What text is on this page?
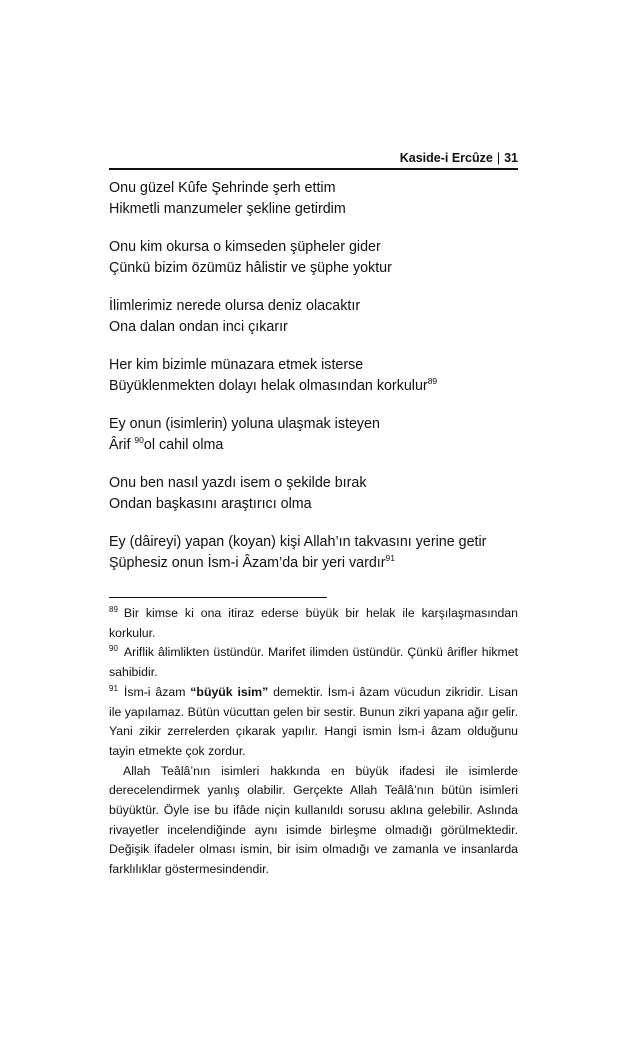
Kaside-i Ercûze | 31
Onu güzel Kûfe Şehrinde şerh ettim
Hikmetli manzumeler şekline getirdim
Onu kim okursa o kimseden şüpheler gider
Çünkü bizim özümüz hâlistir ve şüphe yoktur
İlimlerimiz nerede olursa deniz olacaktır
Ona dalan ondan inci çıkarır
Her kim bizimle münazara etmek isterse
Büyüklenmekten dolayı helak olmasından korkulur$^{89}$
Ey onun (isimlerin) yoluna ulaşmak isteyen
Ârif $^{90}$ol cahil olma
Onu ben nasıl yazdı isem o şekilde bırak
Ondan başkasını araştırıcı olma
Ey (dâireyi) yapan (koyan) kişi Allah’ın takvasını yerine getir
Şüphesiz onun İsm-i Âzam’da bir yeri vardır$^{91}$

$^{89}$ Bir kimse ki ona itiraz ederse büyük bir helak ile karşılaşmasından korkulur.

$^{90}$ Ariflik âlimlikten üstündür. Marifet ilimden üstündür. Çünkü ârifler hikmet sahibidir.

$^{91}$ İsm-i âzam “büyük isim” demektir. İsm-i âzam vücudun zikridir. Lisan ile yapılamaz. Bütün vücuttan gelen bir sestir. Bunun zikri yapana ağır gelir. Yani zikir zerrelerden çıkarak yapılır. Hangi ismin İsm-i âzam olduğunu tayin etmekte çok zordur.

Allah Teâlâ’nın isimleri hakkında en büyük ifadesi ile isimlerde derecelendirmek yanlış olabilir. Gerçekte Allah Teâlâ’nın bütün isimleri büyüktür. Öyle ise bu ifâde niçin kullanıldı sorusu aklına gelebilir. Aslında rivayetler incelendiğinde aynı isimde birleşme olmadığı görülmektedir. Değişik ifadeler olması ismin, bir isim olmadığı ve zamanla ve insanlarda farklılıklar göstermesindendir.
